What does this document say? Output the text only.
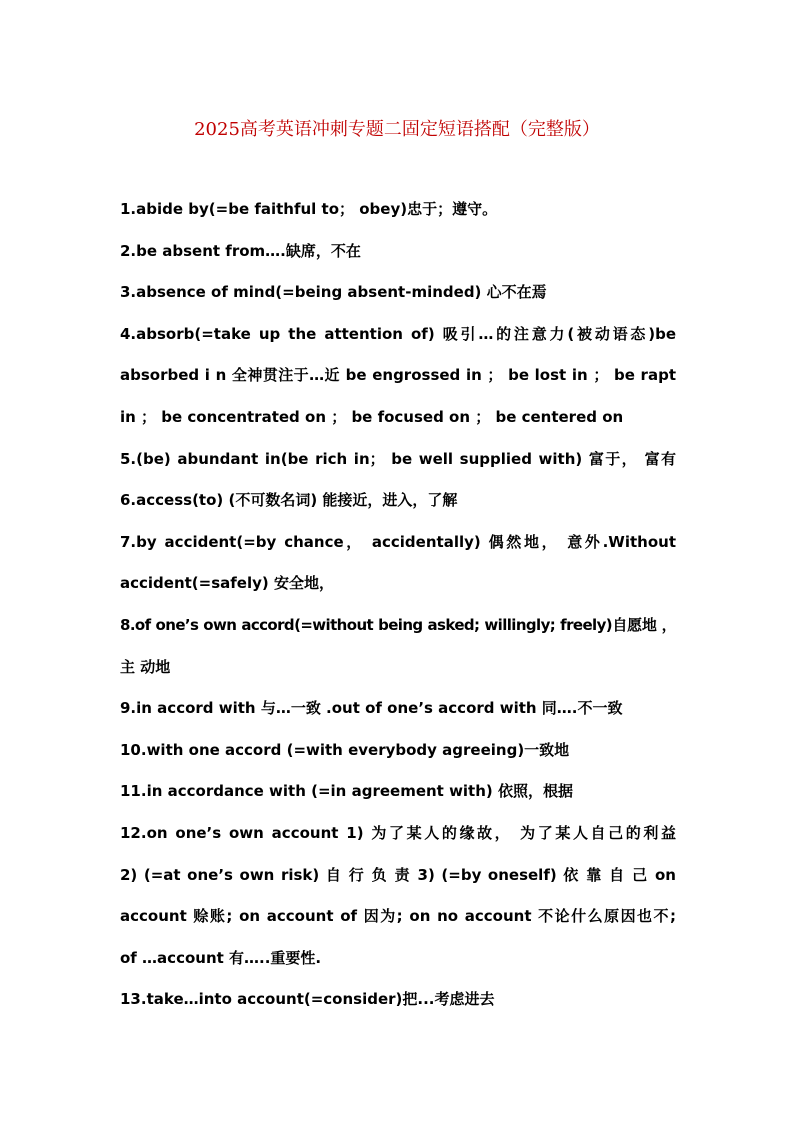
2025高考英语冲刺专题二固定短语搭配（完整版）
1.abide by(=be faithful to； obey)忠于；遵守。
2.be absent from….缺席，不在
3.absence of mind(=being absent-minded) 心不在焉
4.absorb(=take up the attention of) 吸引…的注意力(被动语态)be
absorbed i n 全神贯注于…近 be engrossed in ； be lost in ； be rapt
in ； be concentrated on ； be focused on ； be centered on
5.(be) abundant in(be rich in； be well supplied with) 富于， 富有
6.access(to) (不可数名词) 能接近，进入，了解
7.by accident(=by chance， accidentally) 偶然地， 意外.Without
accident(=safely) 安全地，
8.of one’s own accord(=without being asked; willingly; freely)自愿地 ，
主 动地
9.in accord with 与…一致 .out of one’s accord with 同….不一致
10.with one accord (=with everybody agreeing)一致地
11.in accordance with (=in agreement with) 依照，根据
12.on one’s own account 1) 为了某人的缘故， 为了某人自己的利益
2) (=at one’s own risk) 自 行 负 责 3) (=by oneself) 依 靠 自 己 on
account 赊账; on account of 因为; on no account 不论什么原因也不;
of …account 有…..重要性.
13.take…into account(=consider)把...考虑进去
